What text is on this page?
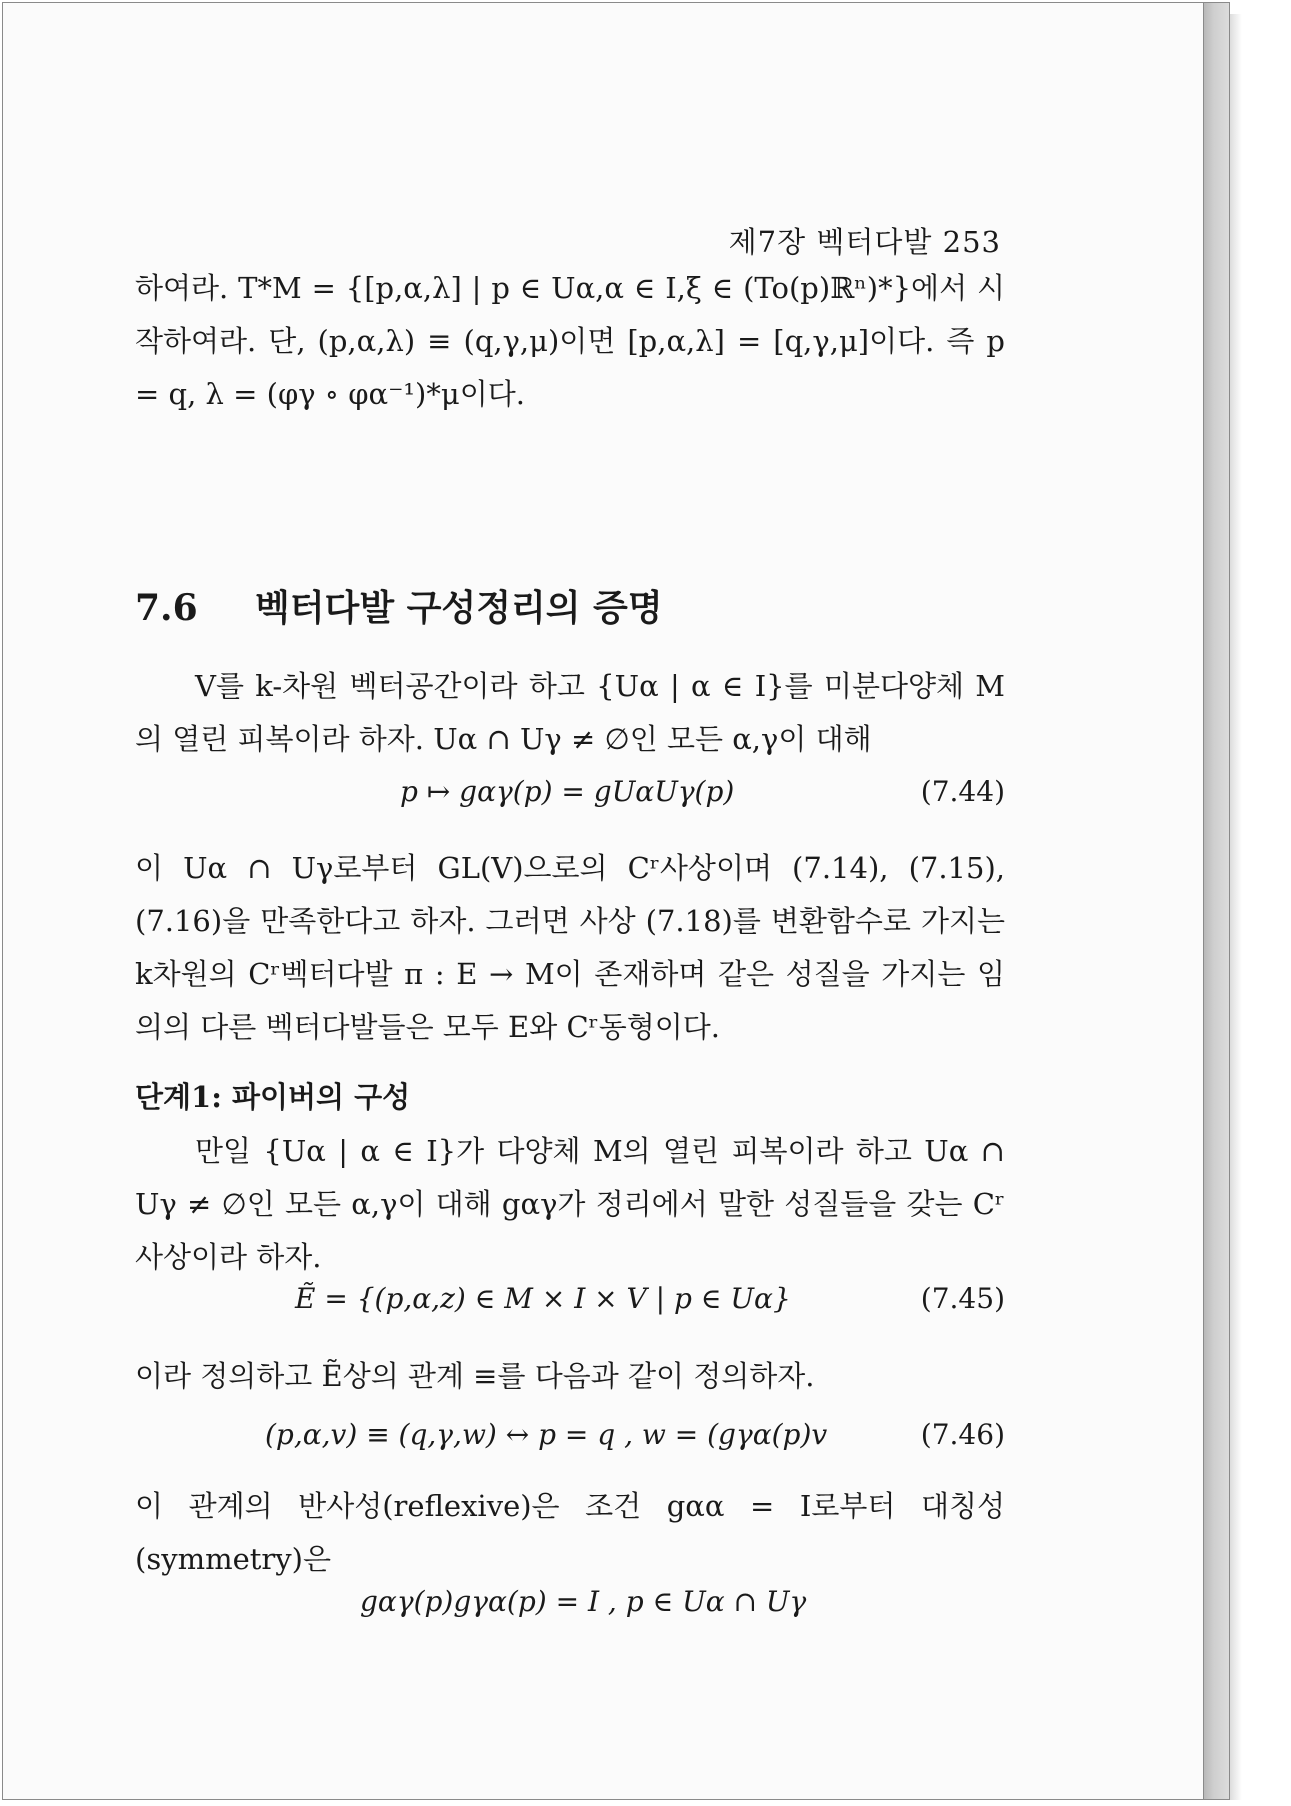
제7장 벡터다발 253

하여라. T*M = {[p,α,λ] | p ∈ Uα,α ∈ I,ξ ∈ (To(p)ℝⁿ)*}에서 시작하여라. 단, (p,α,λ) ≡ (q,γ,μ)이면 [p,α,λ] = [q,γ,μ]이다. 즉 p = q, λ = (φγ ∘ φα⁻¹)*μ이다.

7.6 벡터다발 구성정리의 증명

V를 k-차원 벡터공간이라 하고 {Uα | α ∈ I}를 미분다양체 M의 열린 피복이라 하자. Uα ∩ Uγ ≠ ∅인 모든 α,γ이 대해

p ↦ gαγ(p) = gUαUγ(p)	(7.44)

이 Uα ∩ Uγ로부터 GL(V)으로의 Cʳ사상이며 (7.14), (7.15), (7.16)을 만족한다고 하자. 그러면 사상 (7.18)를 변환함수로 가지는 k차원의 Cʳ벡터다발 π : E → M이 존재하며 같은 성질을 가지는 임의의 다른 벡터다발들은 모두 E와 Cʳ동형이다.

단계1: 파이버의 구성

만일 {Uα | α ∈ I}가 다양체 M의 열린 피복이라 하고 Uα ∩ Uγ ≠ ∅인 모든 α,γ이 대해 gαγ가 정리에서 말한 성질들을 갖는 Cʳ 사상이라 하자.

Ẽ = {(p,α,z) ∈ M × I × V | p ∈ Uα}	(7.45)

이라 정의하고 Ẽ상의 관계 ≡를 다음과 같이 정의하자.

(p,α,v) ≡ (q,γ,w) ↔ p = q , w = (gγα(p)v	(7.46)

이 관계의 반사성(reflexive)은 조건 gαα = I로부터 대칭성(symmetry)은

gαγ(p)gγα(p) = I , p ∈ Uα ∩ Uγ
